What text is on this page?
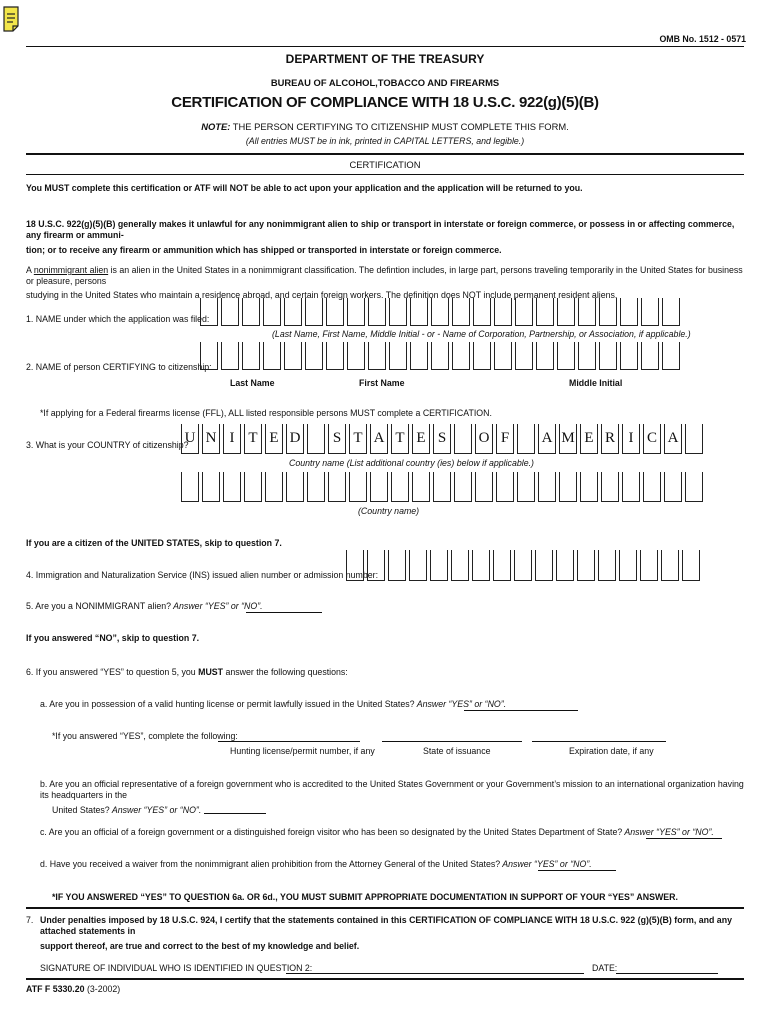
OMB No. 1512 - 0571
DEPARTMENT OF THE TREASURY
BUREAU OF ALCOHOL,TOBACCO AND FIREARMS
CERTIFICATION OF COMPLIANCE WITH 18 U.S.C. 922(g)(5)(B)
NOTE: THE PERSON CERTIFYING TO CITIZENSHIP MUST COMPLETE THIS FORM.
(All entries MUST be in ink, printed in CAPITAL LETTERS, and legible.)
CERTIFICATION
You MUST complete this certification or ATF will NOT be able to act upon your application and the application will be returned to you.
18 U.S.C. 922(g)(5)(B) generally makes it unlawful for any nonimmigrant alien to ship or transport in interstate or foreign commerce, or possess in or affecting commerce, any firearm or ammuni-
tion; or to receive any firearm or ammunition which has shipped or transported in interstate or foreign commerce.
A nonimmigrant alien is an alien in the United States in a nonimmigrant classification. The defintion includes, in large part, persons traveling temporarily in the United States for business or pleasure, persons
studying in the United States who maintain a residence abroad, and certain foreign workers. The definition does NOT include permanent resident aliens.
1. NAME under which the application was filed:
(Last Name, First Name, Middle Initial - or - Name of Corporation, Partnership, or Association, if applicable.)
2. NAME of person CERTIFYING to citizenship:
Last Name	First Name	Middle Initial
*If applying for a Federal firearms license (FFL), ALL listed responsible persons MUST complete a CERTIFICATION.
3. What is your COUNTRY of citizenship?
U N I T E D	S T A T E S	O F	A M E R I C A
Country name (List additional country (ies) below if applicable.)
(Country name)
If you are a citizen of the UNITED STATES, skip to question 7.
4. Immigration and Naturalization Service (INS) issued alien number or admission number:
5. Are you a NONIMMIGRANT alien? Answer “YES” or “NO”.
If you answered “NO”, skip to question 7.
6. If you answered “YES” to question 5, you MUST answer the following questions:
a. Are you in possession of a valid hunting license or permit lawfully issued in the United States? Answer “YES” or “NO”.
*If you answered “YES”, complete the following:
Hunting license/permit number, if any	State of issuance	Expiration date, if any
b. Are you an official representative of a foreign government who is accredited to the United States Government or your Government’s mission to an international organization having its headquarters in the
United States? Answer “YES” or “NO”.
c. Are you an official of a foreign government or a distinguished foreign visitor who has been so designated by the United States Department of State? Answer “YES” or “NO”.
d. Have you received a waiver from the nonimmigrant alien prohibition from the Attorney General of the United States? Answer “YES” or “NO”.
*IF YOU ANSWERED “YES” TO QUESTION 6a. OR 6d., YOU MUST SUBMIT APPROPRIATE DOCUMENTATION IN SUPPORT OF YOUR “YES” ANSWER.
7. Under penalties imposed by 18 U.S.C. 924, I certify that the statements contained in this CERTIFICATION OF COMPLIANCE WITH 18 U.S.C. 922 (g)(5)(B) form, and any attached statements in
support thereof, are true and correct to the best of my knowledge and belief.
SIGNATURE OF INDIVIDUAL WHO IS IDENTIFIED IN QUESTION 2:	DATE:
ATF F 5330.20 (3-2002)
